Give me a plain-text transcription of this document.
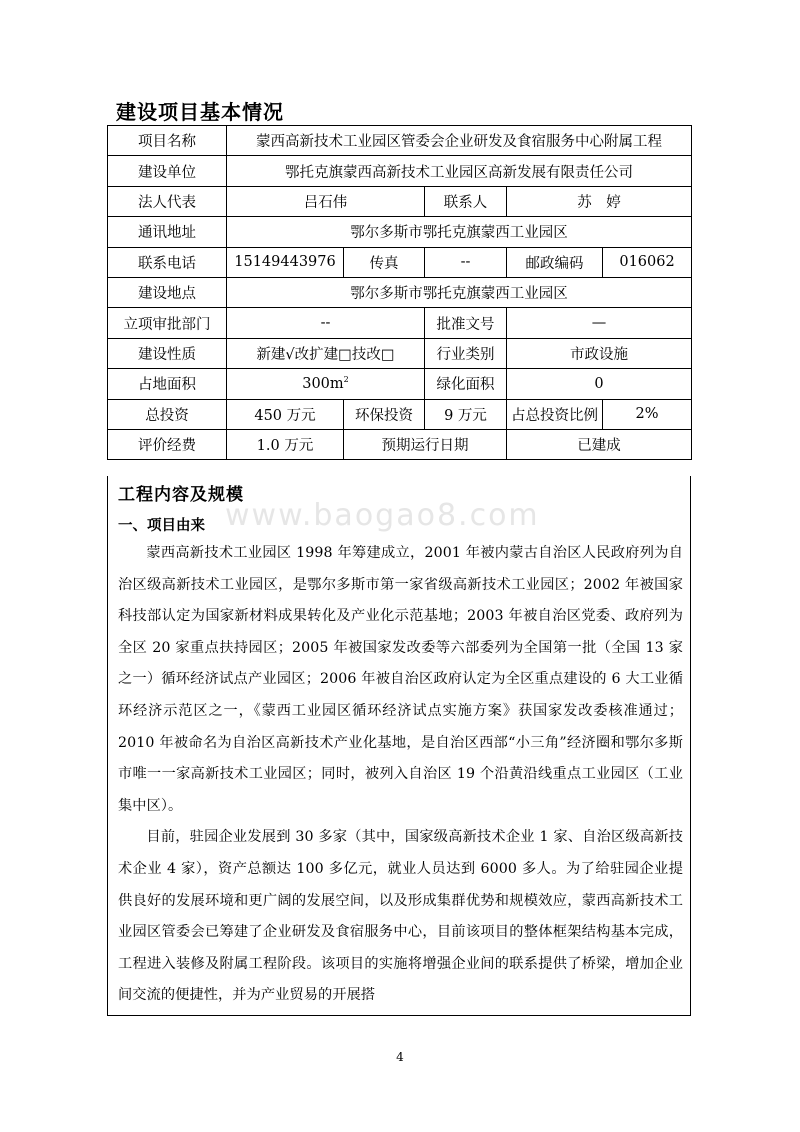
建设项目基本情况
项目名称	蒙西高新技术工业园区管委会企业研发及食宿服务中心附属工程				
建设单位	鄂托克旗蒙西高新技术工业园区高新发展有限责任公司				
法人代表	吕石伟		联系人	苏　婷	
通讯地址	鄂尔多斯市鄂托克旗蒙西工业园区				
联系电话	15149443976	传真	--	邮政编码	016062
建设地点	鄂尔多斯市鄂托克旗蒙西工业园区				
立项审批部门	--		批准文号	—	
建设性质	新建√改扩建□技改□		行业类别	市政设施	
占地面积	$300m^2$		绿化面积	0	
总投资	450 万元	环保投资	9 万元	占总投资比例	2%
评价经费	1.0 万元	预期运行日期		已建成	
工程内容及规模
一、项目由来

蒙西高新技术工业园区 1998 年筹建成立，2001 年被内蒙古自治区人民政府列为自治区级高新技术工业园区，是鄂尔多斯市第一家省级高新技术工业园区；2002 年被国家科技部认定为国家新材料成果转化及产业化示范基地；2003 年被自治区党委、政府列为全区 20 家重点扶持园区；2005 年被国家发改委等六部委列为全国第一批（全国 13 家之一）循环经济试点产业园区；2006 年被自治区政府认定为全区重点建设的 6 大工业循环经济示范区之一，《蒙西工业园区循环经济试点实施方案》获国家发改委核准通过；2010 年被命名为自治区高新技术产业化基地，是自治区西部“小三角”经济圈和鄂尔多斯市唯一一家高新技术工业园区；同时，被列入自治区 19 个沿黄沿线重点工业园区（工业集中区）。

目前，驻园企业发展到 30 多家（其中，国家级高新技术企业 1 家、自治区级高新技术企业 4 家），资产总额达 100 多亿元，就业人员达到 6000 多人。为了给驻园企业提供良好的发展环境和更广阔的发展空间，以及形成集群优势和规模效应，蒙西高新技术工业园区管委会已筹建了企业研发及食宿服务中心，目前该项目的整体框架结构基本完成，工程进入装修及附属工程阶段。该项目的实施将增强企业间的联系提供了桥梁，增加企业间交流的便捷性，并为产业贸易的开展搭

www.baogao8.com
4
